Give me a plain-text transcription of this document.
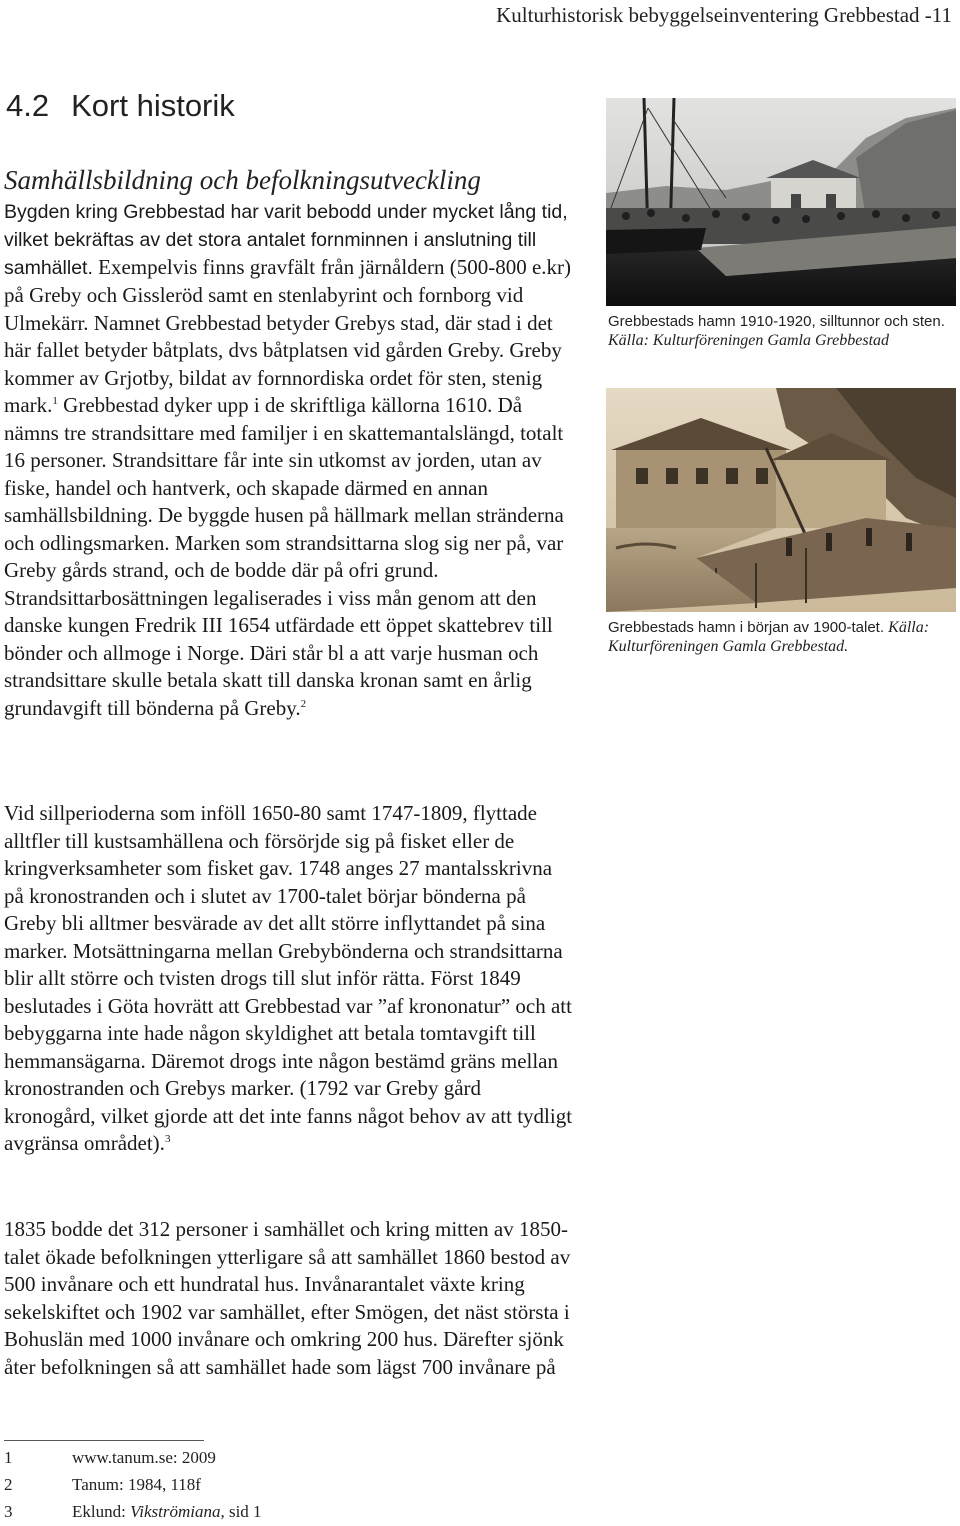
Kulturhistorisk bebyggelseinventering Grebbestad -11
4.2 Kort historik
Samhällsbildning och befolkningsutveckling

Bygden kring Grebbestad har varit bebodd under mycket lång tid, vilket bekräftas av det stora antalet fornminnen i anslutning till samhället. Exempelvis finns gravfält från järnåldern (500-800 e.kr) på Greby och Gissleröd samt en stenlabyrint och fornborg vid Ulmekärr. Namnet Grebbestad betyder Grebys stad, där stad i det här fallet betyder båtplats, dvs båtplatsen vid gården Greby. Greby kommer av Grjotby, bildat av fornnordiska ordet för sten, stenig mark.$^1$ Grebbestad dyker upp i de skriftliga källorna 1610. Då nämns tre strandsittare med familjer i en skattemantalslängd, totalt 16 personer. Strandsittare får inte sin utkomst av jorden, utan av fiske, handel och hantverk, och skapade därmed en annan samhällsbildning. De byggde husen på hällmark mellan stränderna och odlingsmarken. Marken som strandsittarna slog sig ner på, var Greby gårds strand, och de bodde där på ofri grund. Strandsittarbosättningen legaliserades i viss mån genom att den danske kungen Fredrik III 1654 utfärdade ett öppet skattebrev till bönder och allmoge i Norge. Däri står bl a att varje husman och strandsittare skulle betala skatt till danska kronan samt en årlig grundavgift till bönderna på Greby.$^2$

Vid sillperioderna som inföll 1650-80 samt 1747-1809, flyttade alltfler till kustsamhällena och försörjde sig på fisket eller de kringverksamheter som fisket gav. 1748 anges 27 mantalsskrivna på kronostranden och i slutet av 1700-talet börjar bönderna på Greby bli alltmer besvärade av det allt större inflyttandet på sina marker. Motsättningarna mellan Grebybönderna och strandsittarna blir allt större och tvisten drogs till slut inför rätta. Först 1849 beslutades i Göta hovrätt att Grebbestad var ”af krononatur” och att bebyggarna inte hade någon skyldighet att betala tomtavgift till hemmansägarna. Däremot drogs inte någon bestämd gräns mellan kronostranden och Grebys marker. (1792 var Greby gård kronogård, vilket gjorde att det inte fanns något behov av att tydligt avgränsa området).$^3$

1835 bodde det 312 personer i samhället och kring mitten av 1850-talet ökade befolkningen ytterligare så att samhället 1860 bestod av 500 invånare och ett hundratal hus. Invånarantalet växte kring sekelskiftet och 1902 var samhället, efter Smögen, det näst största i Bohuslän med 1000 invånare och omkring 200 hus. Därefter sjönk åter befolkningen så att samhället hade som lägst 700 invånare på

Grebbestads hamn 1910-1920, silltunnor och sten.
Källa: Kulturföreningen Gamla Grebbestad

Grebbestads hamn i början av 1900-talet. Källa: Kulturföreningen Gamla Grebbestad.

1	www.tanum.se: 2009
2	Tanum: 1984, 118f
3	Eklund: Vikströmiana, sid 1
